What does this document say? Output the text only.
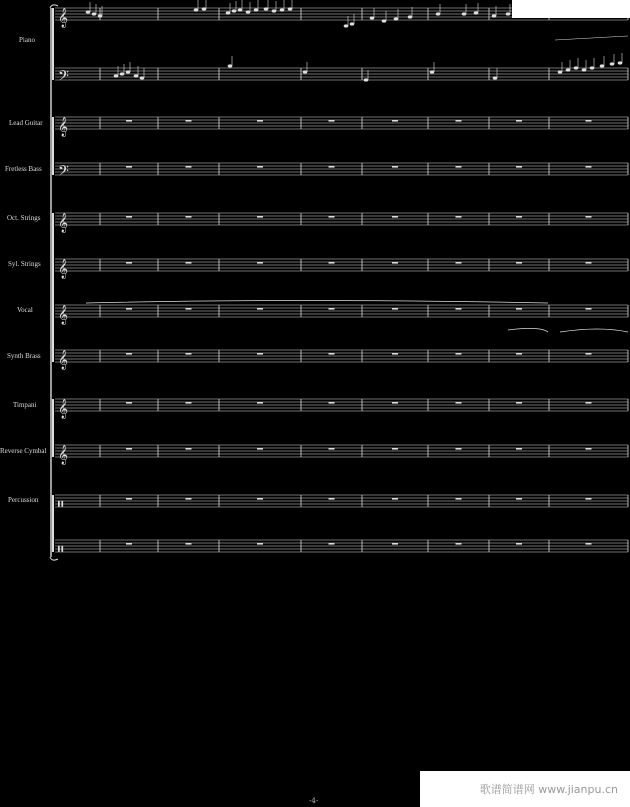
𝄞
𝄢
𝄞
𝄢
𝄞
𝄞
𝄞
𝄞
𝄞
𝄞
𝄥
𝄥
Piano
Lead Guitar
Fretless Bass
Oct. Strings
Syl. Strings
Vocal
Synth Brass
Timpani
Reverse Cymbal
Percussion
-4-
歌谱简谱网 www.jianpu.cn
